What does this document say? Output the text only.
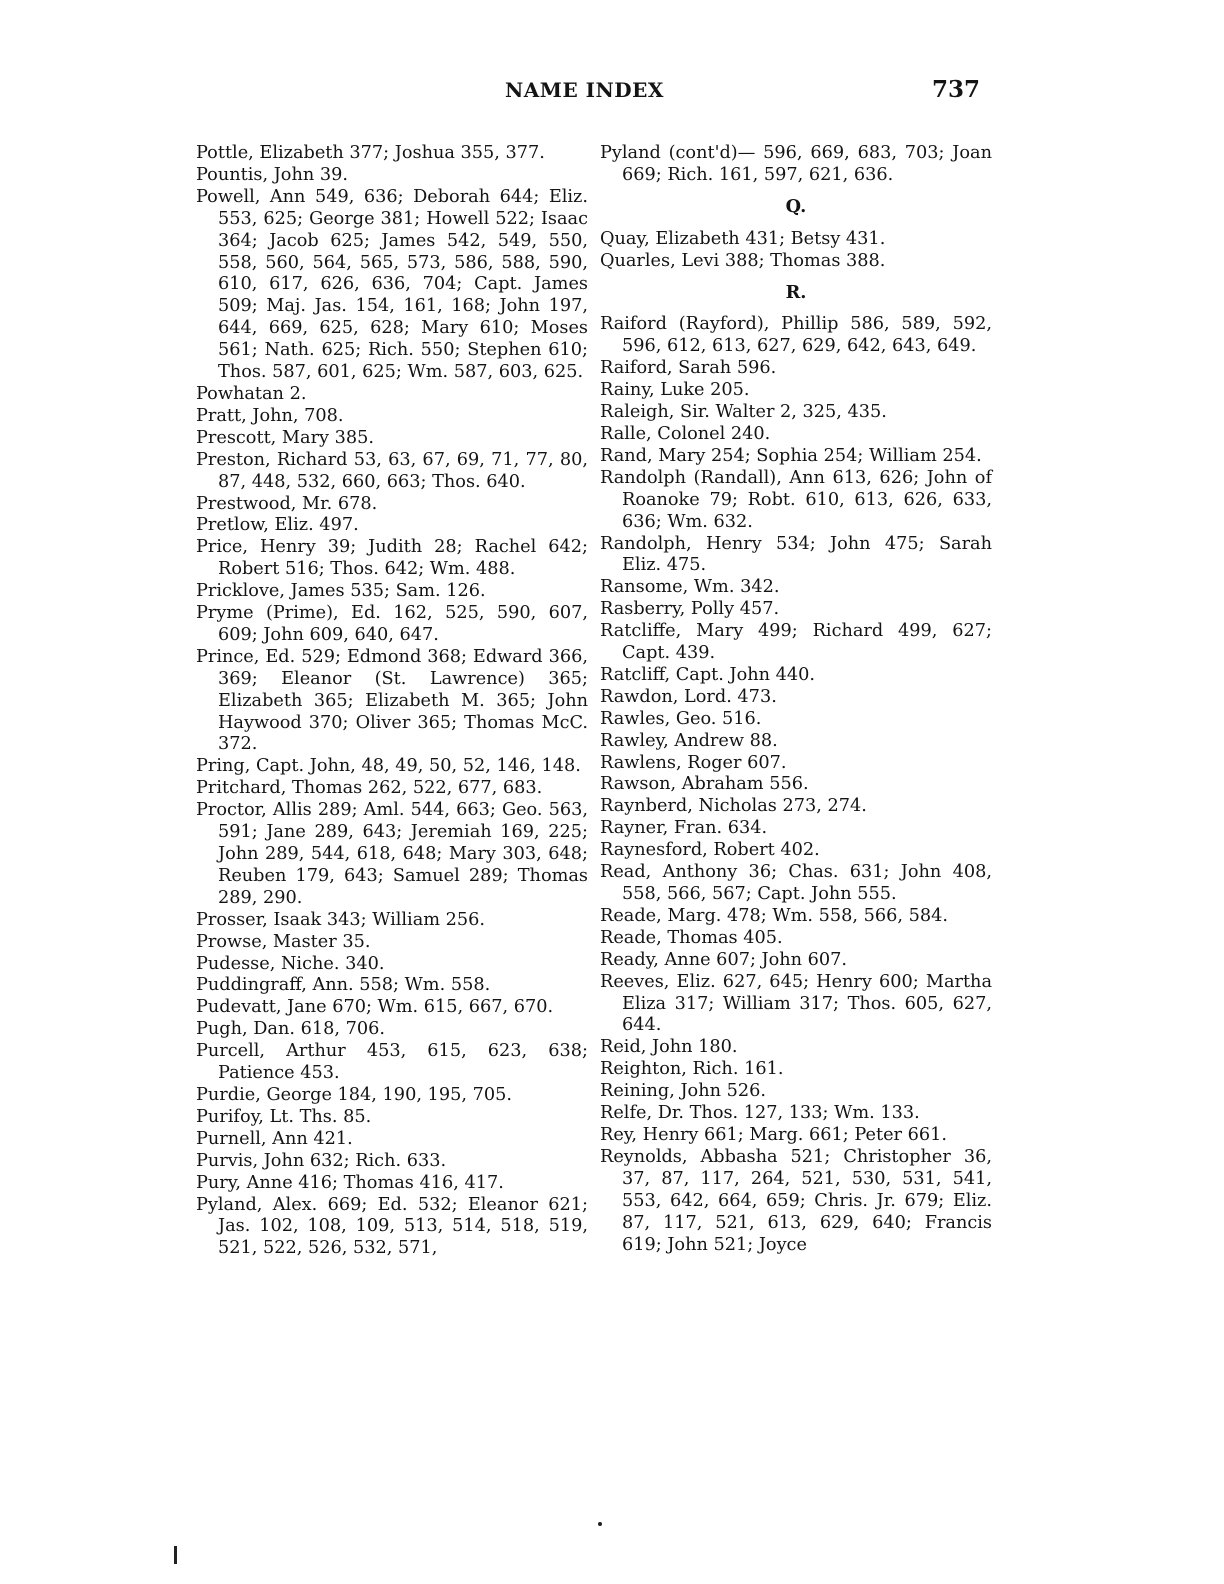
NAME INDEX	737
Pottle, Elizabeth 377; Joshua 355, 377.
Pountis, John 39.
Powell, Ann 549, 636; Deborah 644; Eliz. 553, 625; George 381; Howell 522; Isaac 364; Jacob 625; James 542, 549, 550, 558, 560, 564, 565, 573, 586, 588, 590, 610, 617, 626, 636, 704; Capt. James 509; Maj. Jas. 154, 161, 168; John 197, 644, 669, 625, 628; Mary 610; Moses 561; Nath. 625; Rich. 550; Stephen 610; Thos. 587, 601, 625; Wm. 587, 603, 625.
Powhatan 2.
Pratt, John, 708.
Prescott, Mary 385.
Preston, Richard 53, 63, 67, 69, 71, 77, 80, 87, 448, 532, 660, 663; Thos. 640.
Prestwood, Mr. 678.
Pretlow, Eliz. 497.
Price, Henry 39; Judith 28; Rachel 642; Robert 516; Thos. 642; Wm. 488.
Pricklove, James 535; Sam. 126.
Pryme (Prime), Ed. 162, 525, 590, 607, 609; John 609, 640, 647.
Prince, Ed. 529; Edmond 368; Edward 366, 369; Eleanor (St. Lawrence) 365; Elizabeth 365; Elizabeth M. 365; John Haywood 370; Oliver 365; Thomas McC. 372.
Pring, Capt. John, 48, 49, 50, 52, 146, 148.
Pritchard, Thomas 262, 522, 677, 683.
Proctor, Allis 289; Aml. 544, 663; Geo. 563, 591; Jane 289, 643; Jeremiah 169, 225; John 289, 544, 618, 648; Mary 303, 648; Reuben 179, 643; Samuel 289; Thomas 289, 290.
Prosser, Isaak 343; William 256.
Prowse, Master 35.
Pudesse, Niche. 340.
Puddingraff, Ann. 558; Wm. 558.
Pudevatt, Jane 670; Wm. 615, 667, 670.
Pugh, Dan. 618, 706.
Purcell, Arthur 453, 615, 623, 638; Patience 453.
Purdie, George 184, 190, 195, 705.
Purifoy, Lt. Ths. 85.
Purnell, Ann 421.
Purvis, John 632; Rich. 633.
Pury, Anne 416; Thomas 416, 417.
Pyland, Alex. 669; Ed. 532; Eleanor 621; Jas. 102, 108, 109, 513, 514, 518, 519, 521, 522, 526, 532, 571,
Pyland (cont'd)— 596, 669, 683, 703; Joan 669; Rich. 161, 597, 621, 636.
Q.
Quay, Elizabeth 431; Betsy 431.
Quarles, Levi 388; Thomas 388.
R.
Raiford (Rayford), Phillip 586, 589, 592, 596, 612, 613, 627, 629, 642, 643, 649.
Raiford, Sarah 596.
Rainy, Luke 205.
Raleigh, Sir. Walter 2, 325, 435.
Ralle, Colonel 240.
Rand, Mary 254; Sophia 254; William 254.
Randolph (Randall), Ann 613, 626; John of Roanoke 79; Robt. 610, 613, 626, 633, 636; Wm. 632.
Randolph, Henry 534; John 475; Sarah Eliz. 475.
Ransome, Wm. 342.
Rasberry, Polly 457.
Ratcliffe, Mary 499; Richard 499, 627; Capt. 439.
Ratcliff, Capt. John 440.
Rawdon, Lord. 473.
Rawles, Geo. 516.
Rawley, Andrew 88.
Rawlens, Roger 607.
Rawson, Abraham 556.
Raynberd, Nicholas 273, 274.
Rayner, Fran. 634.
Raynesford, Robert 402.
Read, Anthony 36; Chas. 631; John 408, 558, 566, 567; Capt. John 555.
Reade, Marg. 478; Wm. 558, 566, 584.
Reade, Thomas 405.
Ready, Anne 607; John 607.
Reeves, Eliz. 627, 645; Henry 600; Martha Eliza 317; William 317; Thos. 605, 627, 644.
Reid, John 180.
Reighton, Rich. 161.
Reining, John 526.
Relfe, Dr. Thos. 127, 133; Wm. 133.
Rey, Henry 661; Marg. 661; Peter 661.
Reynolds, Abbasha 521; Christopher 36, 37, 87, 117, 264, 521, 530, 531, 541, 553, 642, 664, 659; Chris. Jr. 679; Eliz. 87, 117, 521, 613, 629, 640; Francis 619; John 521; Joyce
